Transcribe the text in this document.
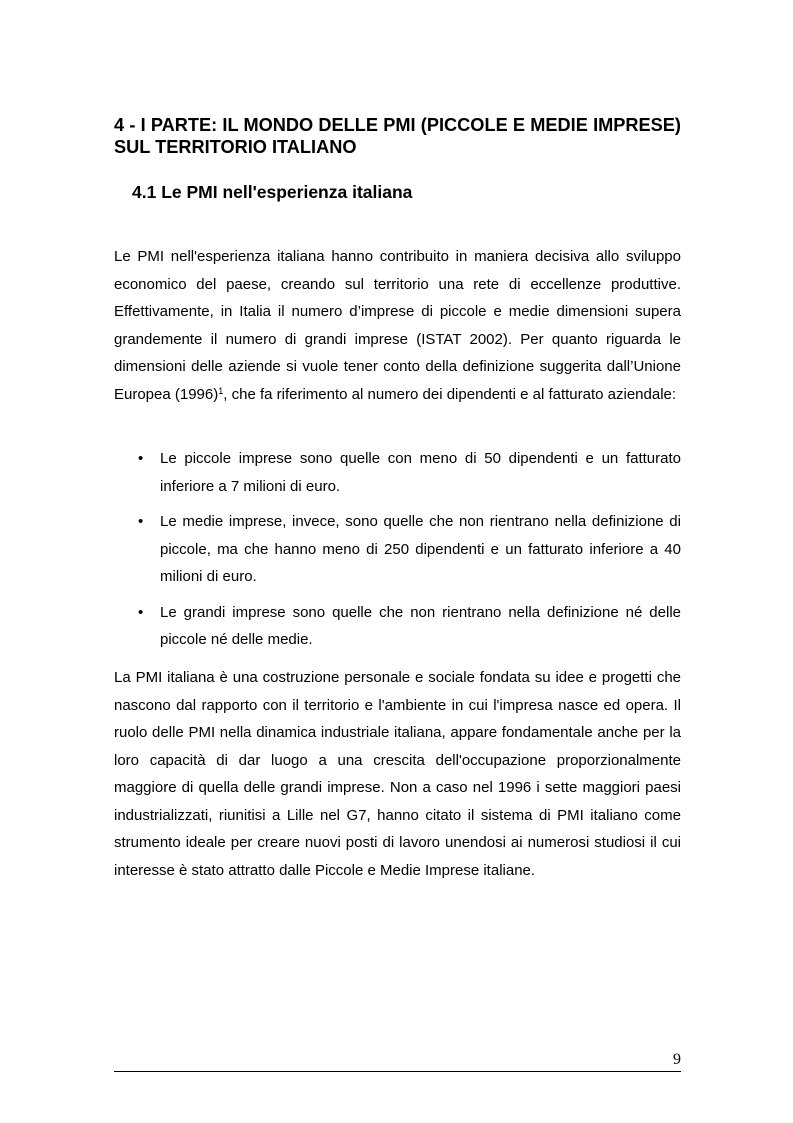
4 - I PARTE: IL MONDO DELLE PMI (PICCOLE E MEDIE IMPRESE) SUL TERRITORIO ITALIANO
4.1 Le PMI nell'esperienza italiana

Le PMI nell'esperienza italiana hanno contribuito in maniera decisiva allo sviluppo economico del paese, creando sul territorio una rete di eccellenze produttive. Effettivamente, in Italia il numero d’imprese di piccole e medie dimensioni supera grandemente il numero di grandi imprese (ISTAT 2002). Per quanto riguarda le dimensioni delle aziende si vuole tener conto della definizione suggerita dall’Unione Europea (1996)$^1$, che fa riferimento al numero dei dipendenti e al fatturato aziendale:

• Le piccole imprese sono quelle con meno di 50 dipendenti e un fatturato inferiore a 7 milioni di euro.
• Le medie imprese, invece, sono quelle che non rientrano nella definizione di piccole, ma che hanno meno di 250 dipendenti e un fatturato inferiore a 40 milioni di euro.
• Le grandi imprese sono quelle che non rientrano nella definizione né delle piccole né delle medie.

La PMI italiana è una costruzione personale e sociale fondata su idee e progetti che nascono dal rapporto con il territorio e l'ambiente in cui l'impresa nasce ed opera. Il ruolo delle PMI nella dinamica industriale italiana, appare fondamentale anche per la loro capacità di dar luogo a una crescita dell'occupazione proporzionalmente maggiore di quella delle grandi imprese. Non a caso nel 1996 i sette maggiori paesi industrializzati, riunitisi a Lille nel G7, hanno citato il sistema di PMI italiano come strumento ideale per creare nuovi posti di lavoro unendosi ai numerosi studiosi il cui interesse è stato attratto dalle Piccole e Medie Imprese italiane.

9
